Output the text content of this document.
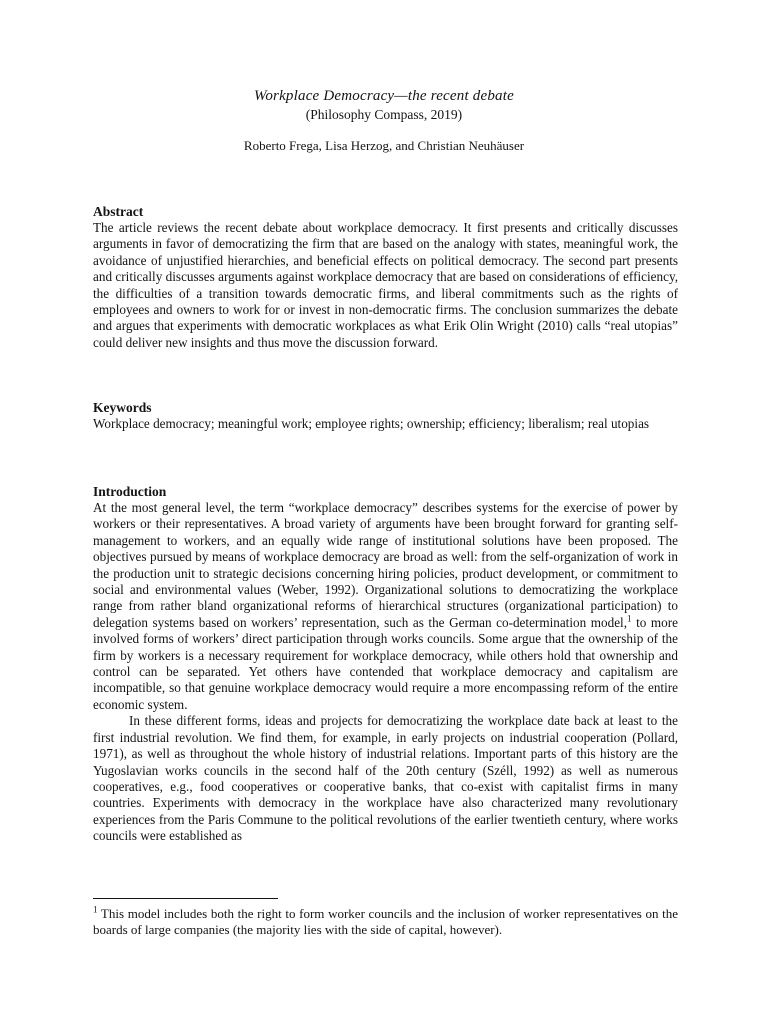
Workplace Democracy—the recent debate
(Philosophy Compass, 2019)
Roberto Frega, Lisa Herzog, and Christian Neuhäuser
Abstract

The article reviews the recent debate about workplace democracy. It first presents and critically discusses arguments in favor of democratizing the firm that are based on the analogy with states, meaningful work, the avoidance of unjustified hierarchies, and beneficial effects on political democracy. The second part presents and critically discusses arguments against workplace democracy that are based on considerations of efficiency, the difficulties of a transition towards democratic firms, and liberal commitments such as the rights of employees and owners to work for or invest in non-democratic firms. The conclusion summarizes the debate and argues that experiments with democratic workplaces as what Erik Olin Wright (2010) calls “real utopias” could deliver new insights and thus move the discussion forward.

Keywords

Workplace democracy; meaningful work; employee rights; ownership; efficiency; liberalism; real utopias

Introduction

At the most general level, the term “workplace democracy” describes systems for the exercise of power by workers or their representatives. A broad variety of arguments have been brought forward for granting self-management to workers, and an equally wide range of institutional solutions have been proposed. The objectives pursued by means of workplace democracy are broad as well: from the self-organization of work in the production unit to strategic decisions concerning hiring policies, product development, or commitment to social and environmental values (Weber, 1992). Organizational solutions to democratizing the workplace range from rather bland organizational reforms of hierarchical structures (organizational participation) to delegation systems based on workers’ representation, such as the German co-determination model,$^1$ to more involved forms of workers’ direct participation through works councils. Some argue that the ownership of the firm by workers is a necessary requirement for workplace democracy, while others hold that ownership and control can be separated. Yet others have contended that workplace democracy and capitalism are incompatible, so that genuine workplace democracy would require a more encompassing reform of the entire economic system.

In these different forms, ideas and projects for democratizing the workplace date back at least to the first industrial revolution. We find them, for example, in early projects on industrial cooperation (Pollard, 1971), as well as throughout the whole history of industrial relations. Important parts of this history are the Yugoslavian works councils in the second half of the 20th century (Széll, 1992) as well as numerous cooperatives, e.g., food cooperatives or cooperative banks, that co-exist with capitalist firms in many countries. Experiments with democracy in the workplace have also characterized many revolutionary experiences from the Paris Commune to the political revolutions of the earlier twentieth century, where works councils were established as

$^1$ This model includes both the right to form worker councils and the inclusion of worker representatives on the boards of large companies (the majority lies with the side of capital, however).
